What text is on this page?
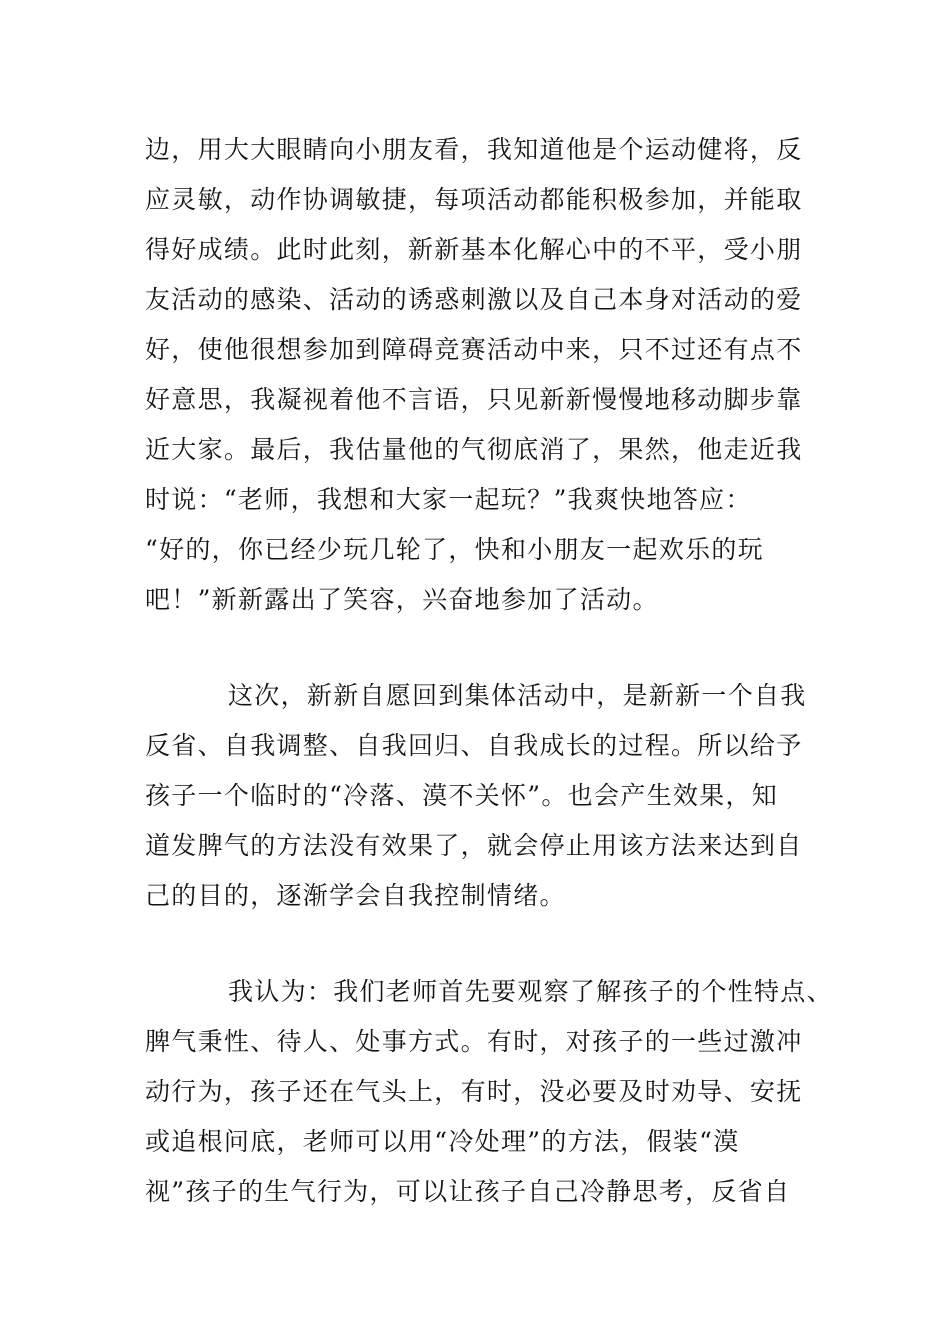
边，用大大眼睛向小朋友看，我知道他是个运动健将，反
应灵敏，动作协调敏捷，每项活动都能积极参加，并能取
得好成绩。此时此刻，新新基本化解心中的不平，受小朋
友活动的感染、活动的诱惑刺激以及自己本身对活动的爱
好，使他很想参加到障碍竞赛活动中来，只不过还有点不
好意思，我凝视着他不言语，只见新新慢慢地移动脚步靠
近大家。最后，我估量他的气彻底消了，果然，他走近我
时说：“老师，我想和大家一起玩？”我爽快地答应：
“好的，你已经少玩几轮了，快和小朋友一起欢乐的玩
吧！”新新露出了笑容，兴奋地参加了活动。
这次，新新自愿回到集体活动中，是新新一个自我
反省、自我调整、自我回归、自我成长的过程。所以给予
孩子一个临时的“冷落、漠不关怀”。也会产生效果，知
道发脾气的方法没有效果了，就会停止用该方法来达到自
己的目的，逐渐学会自我控制情绪。
我认为：我们老师首先要观察了解孩子的个性特点、
脾气秉性、待人、处事方式。有时，对孩子的一些过激冲
动行为，孩子还在气头上，有时，没必要及时劝导、安抚
或追根问底，老师可以用“冷处理”的方法，假装“漠
视”孩子的生气行为，可以让孩子自己冷静思考，反省自
